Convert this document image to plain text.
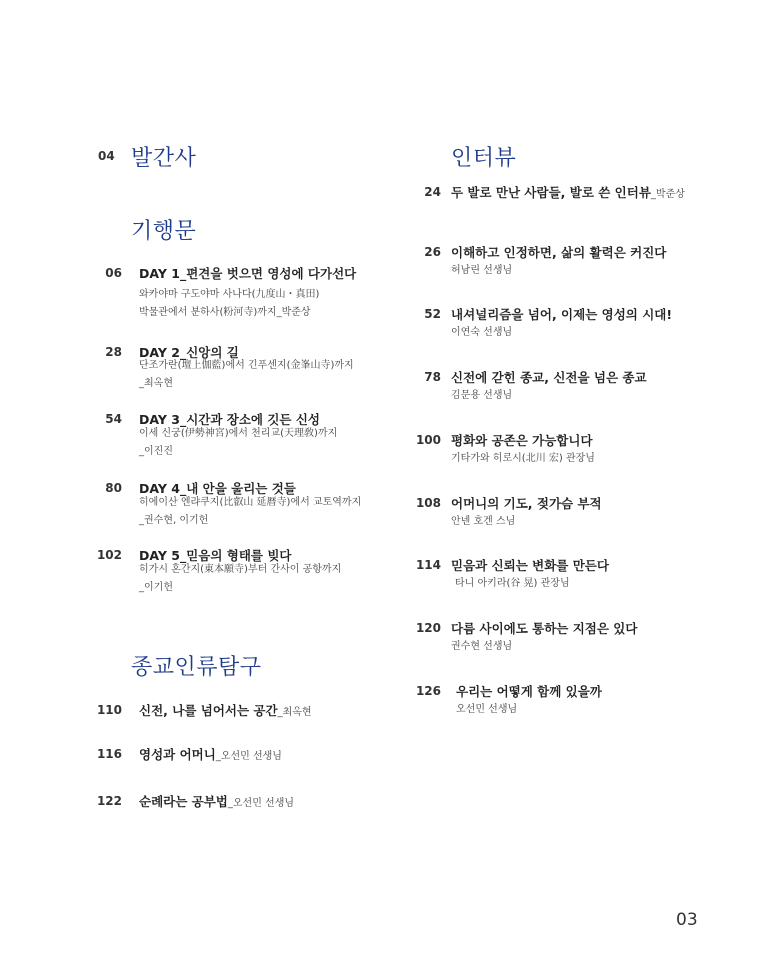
04 발간사
기행문
06 DAY 1_편견을 벗으면 영성에 다가선다
와카야마 구도야마 사나다(九度山・真田)
박물관에서 분하사(粉河寺)까지_박준상
28 DAY 2_신앙의 길
단조가란(壇上伽藍)에서 긴푸센지(金峯山寺)까지
_최옥현
54 DAY 3_시간과 장소에 깃든 신성
이세 신궁(伊勢神宮)에서 천리교(天理敎)까지
_이진진
80 DAY 4_내 안을 울리는 것들
히에이산 엔랴쿠지(比叡山 延暦寺)에서 교토역까지
_권수현, 이기헌
102 DAY 5_믿음의 형태를 빚다
히가시 혼간지(東本願寺)부터 간사이 공항까지
_이기헌
종교인류탐구
110 신전, 나를 넘어서는 공간_최옥현
116 영성과 어머니_오선민 선생님
122 순례라는 공부법_오선민 선생님
인터뷰
24 두 발로 만난 사람들, 발로 쓴 인터뷰_박준상
26 이해하고 인정하면, 삶의 활력은 커진다
허남린 선생님
52 내셔널리즘을 넘어, 이제는 영성의 시대!
이연숙 선생님
78 신전에 갇힌 종교, 신전을 넘은 종교
김문용 선생님
100 평화와 공존은 가능합니다
기타가와 히로시(北川 宏) 관장님
108 어머니의 기도, 젖가슴 부적
안넨 호겐 스님
114 믿음과 신뢰는 변화를 만든다
타니 아키라(谷 晃) 관장님
120 다름 사이에도 통하는 지점은 있다
권수현 선생님
126 우리는 어떻게 함께 있을까
오선민 선생님
03
